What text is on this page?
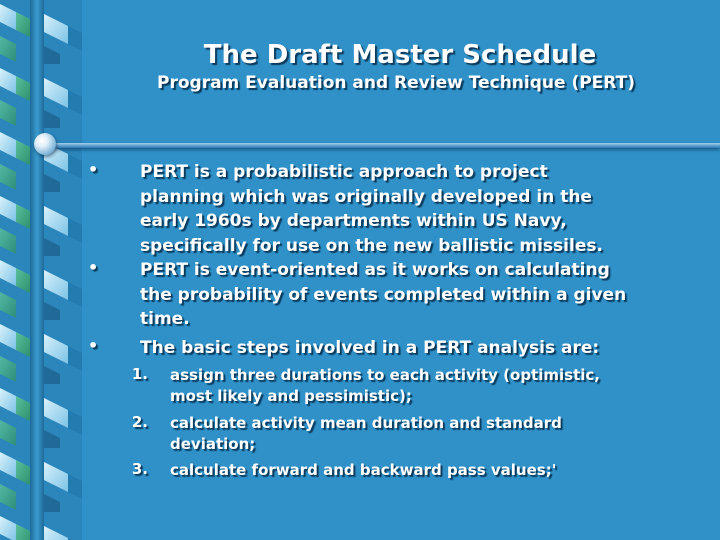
The Draft Master Schedule
Program Evaluation and Review Technique (PERT)
• PERT is a probabilistic approach to project
planning which was originally developed in the
early 1960s by departments within US Navy,
specifically for use on the new ballistic missiles.
• PERT is event-oriented as it works on calculating
the probability of events completed within a given
time.
• The basic steps involved in a PERT analysis are:
1. assign three durations to each activity (optimistic,
most likely and pessimistic);
2. calculate activity mean duration and standard
deviation;
3. calculate forward and backward pass values;'
